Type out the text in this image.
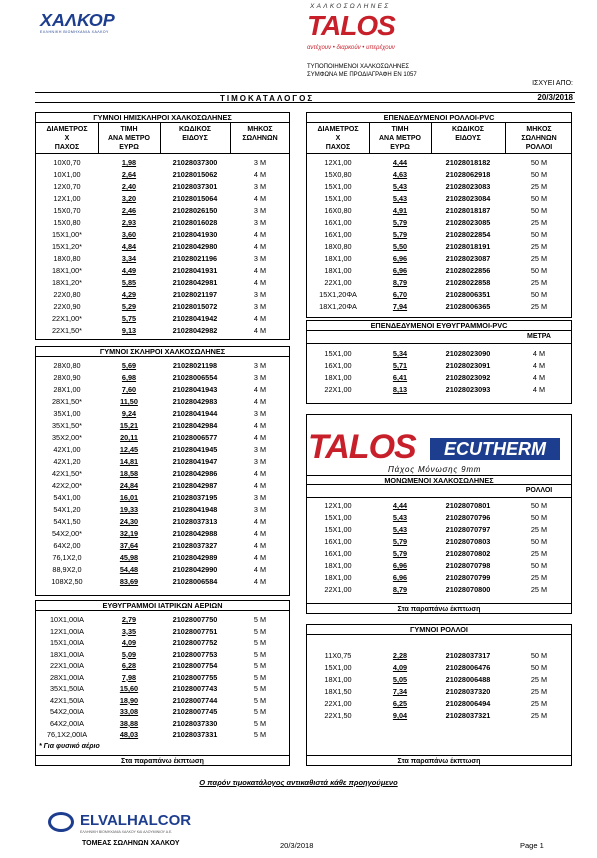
ΧΑΛΚΟΡ
ΕΛΛΗΝΙΚΗ ΒΙΟΜΗΧΑΝΙΑ ΧΑΛΚΟΥ
ΧΑΛΚΟΣΩΛΗΝΕΣ
TALOS
αντέχουν • διαρκούν • υπερέχουν
ΤΥΠΟΠΟΙΗΜΕΝΟΙ ΧΑΛΚΟΣΩΛΗΝΕΣ
ΣΥΜΦΩΝΑ ΜΕ ΠΡΟΔΙΑΓΡΑΦΗ ΕΝ 1057
ΙΣΧΥΕΙ ΑΠΟ:
ΤΙΜΟΚΑΤΑΛΟΓΟΣ	20/3/2018
ΓΥΜΝΟΙ ΗΜΙΣΚΛΗΡΟΙ ΧΑΛΚΟΣΩΛΗΝΕΣ
ΔΙΑΜΕΤΡΟΣ
Χ
ΠΑΧΟΣ
ΤΙΜΗ
ΑΝΑ ΜΕΤΡΟ
ΕΥΡΩ
ΚΩΔΙΚΟΣ
ΕΙΔΟΥΣ
ΜΗΚΟΣ
ΣΩΛΗΝΩΝ
10Χ0,70	1,98	21028037300	3 M
10Χ1,00	2,64	21028015062	4 M
12Χ0,70	2,40	21028037301	3 M
12Χ1,00	3,20	21028015064	4 M
15Χ0,70	2,46	21028026150	3 M
15Χ0,80	2,93	21028016028	3 M
15Χ1,00*	3,60	21028041930	4 M
15Χ1,20*	4,84	21028042980	4 M
18Χ0,80	3,34	21028021196	3 M
18Χ1,00*	4,49	21028041931	4 M
18Χ1,20*	5,85	21028042981	4 M
22Χ0,80	4,29	21028021197	3 M
22Χ0,90	5,29	21028015072	3 M
22Χ1,00*	5,75	21028041942	4 M
22Χ1,50*	9,13	21028042982	4 M
ΓΥΜΝΟΙ ΣΚΛΗΡΟΙ ΧΑΛΚΟΣΩΛΗΝΕΣ
28Χ0,80	5,69	21028021198	3 M
28Χ0,90	6,98	21028006554	3 M
28Χ1,00	7,60	21028041943	4 M
28Χ1,50*	11,50	21028042983	4 M
35Χ1,00	9,24	21028041944	3 M
35Χ1,50*	15,21	21028042984	4 M
35Χ2,00*	20,11	21028006577	4 M
42Χ1,00	12,45	21028041945	3 M
42Χ1,20	14,81	21028041947	3 M
42Χ1,50*	18,58	21028042986	4 M
42Χ2,00*	24,84	21028042987	4 M
54Χ1,00	16,01	21028037195	3 M
54Χ1,20	19,33	21028041948	3 M
54Χ1,50	24,30	21028037313	4 M
54Χ2,00*	32,19	21028042988	4 M
64Χ2,00	37,64	21028037327	4 M
76,1Χ2,0	45,98	21028042989	4 M
88,9Χ2,0	54,48	21028042990	4 M
108Χ2,50	83,69	21028006584	4 M
ΕΥΘΥΓΡΑΜΜΟΙ ΙΑΤΡΙΚΩΝ ΑΕΡΙΩΝ
10Χ1,00ΙΑ	2,79	21028007750	5 M
12Χ1,00ΙΑ	3,35	21028007751	5 M
15Χ1,00ΙΑ	4,09	21028007752	5 M
18Χ1,00ΙΑ	5,09	21028007753	5 M
22Χ1,00ΙΑ	6,28	21028007754	5 M
28Χ1,00ΙΑ	7,98	21028007755	5 M
35Χ1,50ΙΑ	15,60	21028007743	5 M
42Χ1,50ΙΑ	18,90	21028007744	5 M
54Χ2,00ΙΑ	33,08	21028007745	5 M
64Χ2,00ΙΑ	38,88	21028037330	5 M
76,1Χ2,00ΙΑ	48,03	21028037331	5 M
* Για φυσικό αέριο
Στα παραπάνω έκπτωση
ΕΠΕΝΔΕΔΥΜΕΝΟΙ ΡΟΛΛΟΙ-PVC
ΔΙΑΜΕΤΡΟΣ
Χ
ΠΑΧΟΣ
ΤΙΜΗ
ΑΝΑ ΜΕΤΡΟ
ΕΥΡΩ
ΚΩΔΙΚΟΣ
ΕΙΔΟΥΣ
ΜΗΚΟΣ
ΣΩΛΗΝΩΝ
ΡΟΛΛΟΙ
12Χ1,00	4,44	21028018182	50 M
15Χ0,80	4,63	21028062918	50 M
15Χ1,00	5,43	21028023083	25 M
15Χ1,00	5,43	21028023084	50 M
16Χ0,80	4,91	21028018187	50 M
16Χ1,00	5,79	21028023085	25 M
16Χ1,00	5,79	21028022854	50 M
18Χ0,80	5,50	21028018191	25 M
18Χ1,00	6,96	21028023087	25 M
18Χ1,00	6,96	21028022856	50 M
22Χ1,00	8,79	21028022858	25 M
15Χ1,20ΦΑ	6,70	21028006351	50 M
18Χ1,20ΦΑ	7,94	21028006365	25 M
ΕΠΕΝΔΕΔΥΜΕΝΟΙ ΕΥΘΥΓΡΑΜΜΟΙ-PVC
ΜΕΤΡΑ
15Χ1,00	5,34	21028023090	4 M
16Χ1,00	5,71	21028023091	4 M
18Χ1,00	6,41	21028023092	4 M
22Χ1,00	8,13	21028023093	4 M
ΜΟΝΩΜΕΝΟΙ ΧΑΛΚΟΣΩΛΗΝΕΣ
ΡΟΛΛΟΙ
12Χ1,00	4,44	21028070801	50 M
15Χ1,00	5,43	21028070796	50 M
15Χ1,00	5,43	21028070797	25 M
16Χ1,00	5,79	21028070803	50 M
16Χ1,00	5,79	21028070802	25 M
18Χ1,00	6,96	21028070798	50 M
18Χ1,00	6,96	21028070799	25 M
22Χ1,00	8,79	21028070800	25 M
Στα παραπάνω έκπτωση
TALOS	ECUTHERM
Πάχος Μόνωσης 9mm
ΓΥΜΝΟΙ ΡΟΛΛΟΙ
11Χ0,75	2,28	21028037317	50 M
15Χ1,00	4,09	21028006476	50 M
18Χ1,00	5,05	21028006488	25 M
18Χ1,50	7,34	21028037320	25 M
22Χ1,00	6,25	21028006494	25 M
22Χ1,50	9,04	21028037321	25 M
Στα παραπάνω έκπτωση
Ο παρόν τιμοκατάλογος αντικαθιστά κάθε προηγούμενο
ELVALHALCOR
ΕΛΛΗΝΙΚΗ ΒΙΟΜΗΧΑΝΙΑ ΧΑΛΚΟΥ ΚΑΙ ΑΛΟΥΜΙΝΙΟΥ Α.Ε.
ΤΟΜΕΑΣ ΣΩΛΗΝΩΝ ΧΑΛΚΟΥ	20/3/2018	Page 1
